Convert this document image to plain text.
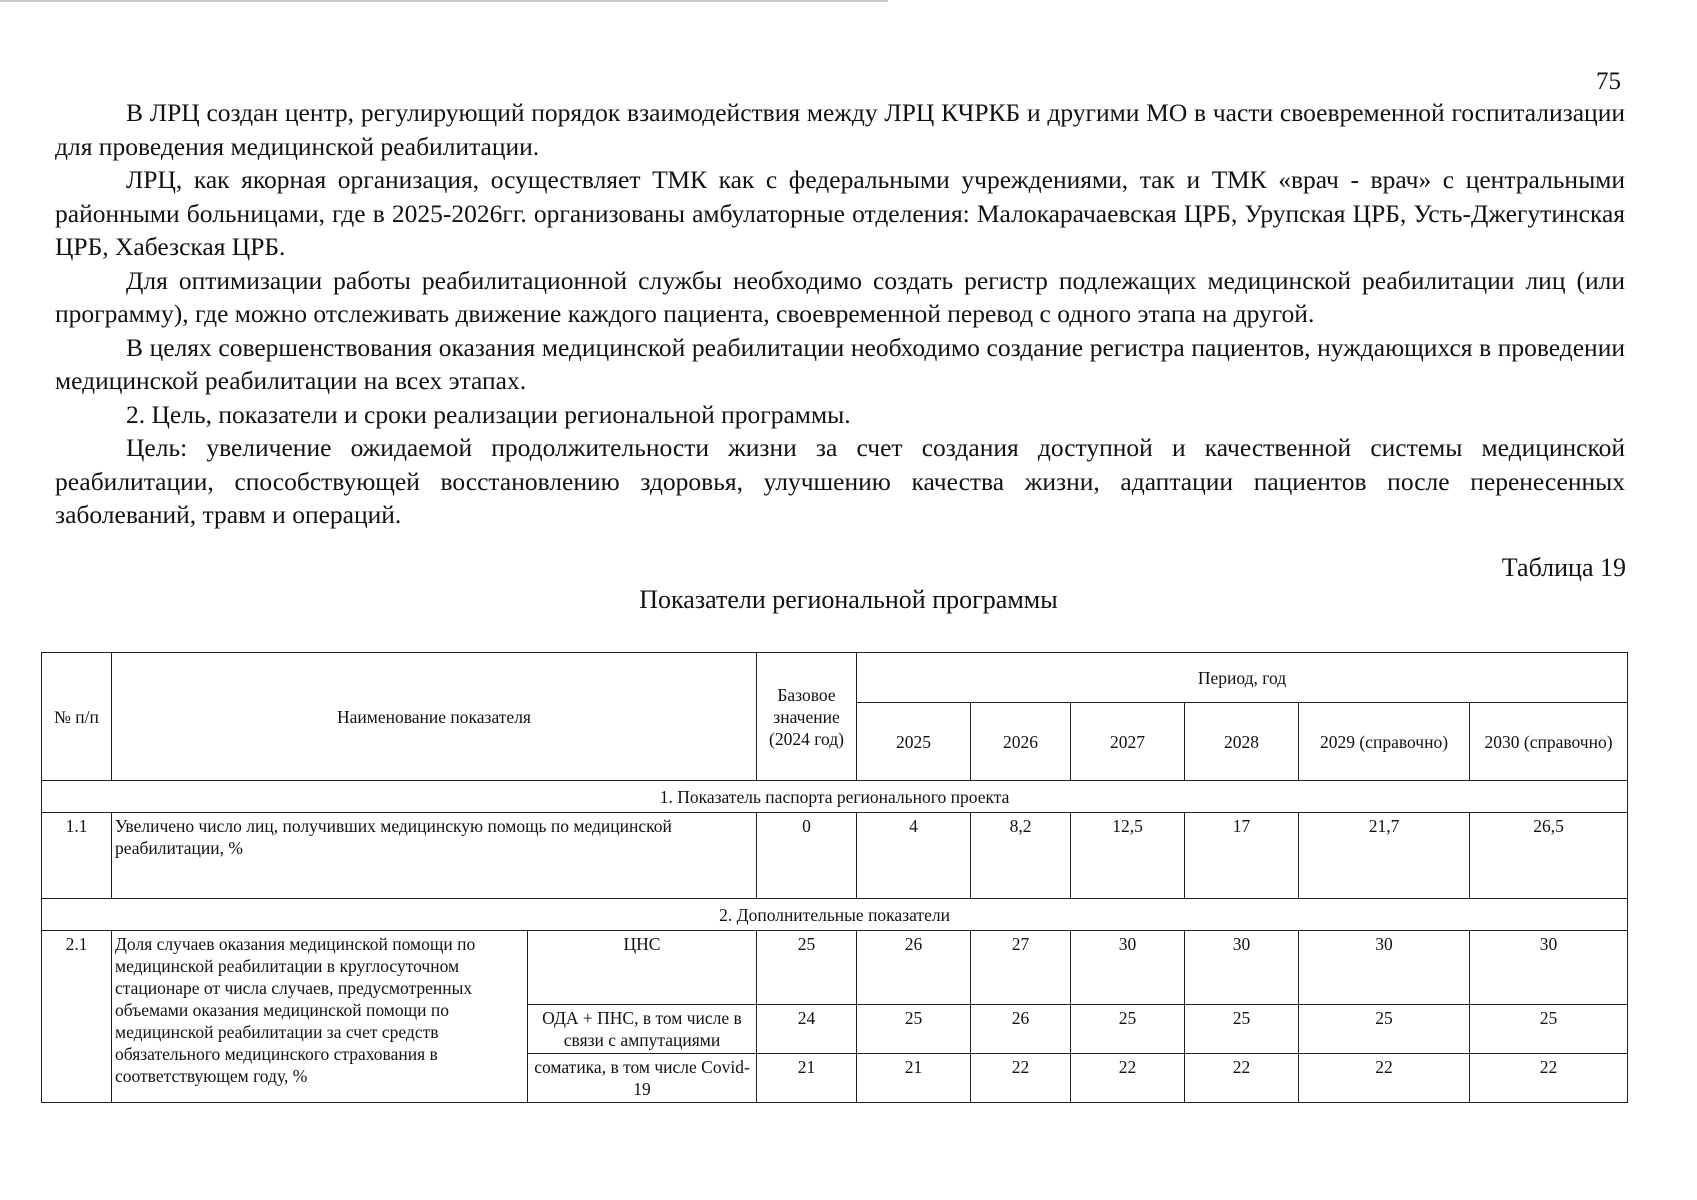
75

В ЛРЦ создан центр, регулирующий порядок взаимодействия между ЛРЦ КЧРКБ и другими МО в части своевременной госпитализации для проведения медицинской реабилитации.

ЛРЦ, как якорная организация, осуществляет ТМК как с федеральными учреждениями, так и ТМК «врач - врач» с центральными районными больницами, где в 2025-2026гг. организованы амбулаторные отделения: Малокарачаевская ЦРБ, Урупская ЦРБ, Усть-Джегутинская ЦРБ, Хабезская ЦРБ.

Для оптимизации работы реабилитационной службы необходимо создать регистр подлежащих медицинской реабилитации лиц (или программу), где можно отслеживать движение каждого пациента, своевременной перевод с одного этапа на другой.

В целях совершенствования оказания медицинской реабилитации необходимо создание регистра пациентов, нуждающихся в проведении медицинской реабилитации на всех этапах.

2. Цель, показатели и сроки реализации региональной программы.

Цель: увеличение ожидаемой продолжительности жизни за счет создания доступной и качественной системы медицинской реабилитации, способствующей восстановлению здоровья, улучшению качества жизни, адаптации пациентов после перенесенных заболеваний, травм и операций.

Таблица 19
Показатели региональной программы
№ п/п	Наименование показателя		Базовое значение (2024 год)	Период, год					
				2025	2026	2027	2028	2029 (справочно)	2030 (справочно)
1. Показатель паспорта регионального проекта									
1.1	Увеличено число лиц, получивших медицинскую помощь по медицинской реабилитации, %		0	4	8,2	12,5	17	21,7	26,5
2. Дополнительные показатели									
2.1	Доля случаев оказания медицинской помощи по медицинской реабилитации в круглосуточном стационаре от числа случаев, предусмотренных объемами оказания медицинской помощи по медицинской реабилитации за счет средств обязательного медицинского страхования в соответствующем году, %	ЦНС	25	26	27	30	30	30	30
		ОДА + ПНС, в том числе в связи с ампутациями	24	25	26	25	25	25	25
		соматика, в том числе Covid-19	21	21	22	22	22	22	22
